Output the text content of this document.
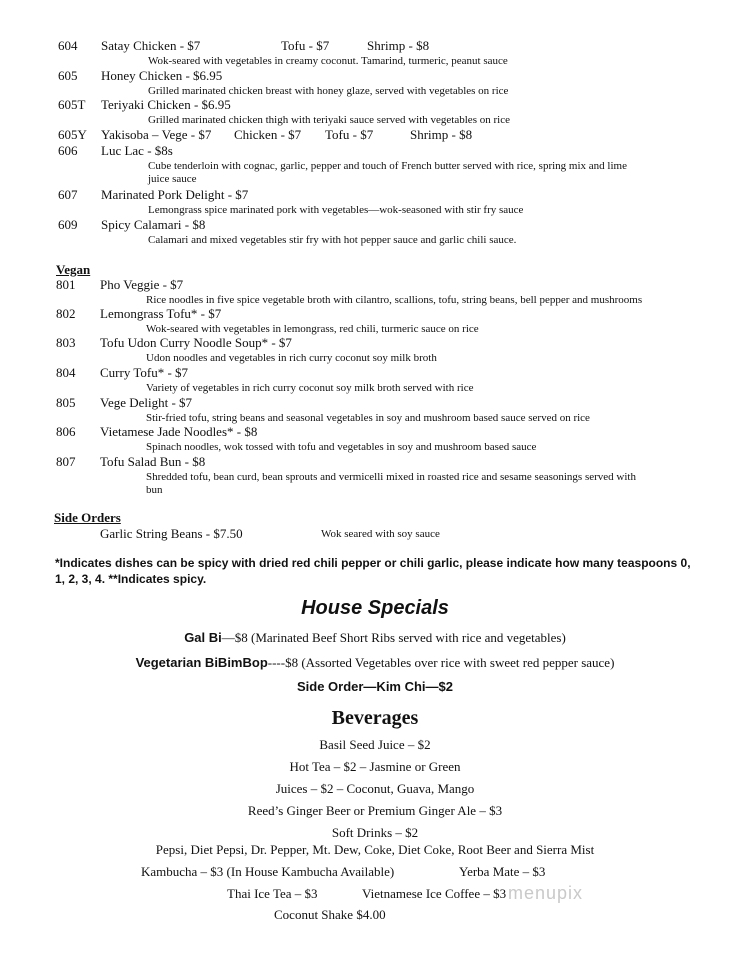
604 Satay Chicken - $7	Tofu - $7	Shrimp - $8
Wok-seared with vegetables in creamy coconut. Tamarind, turmeric, peanut sauce
605 Honey Chicken - $6.95
Grilled marinated chicken breast with honey glaze, served with vegetables on rice
605T Teriyaki Chicken - $6.95
Grilled marinated chicken thigh with teriyaki sauce served with vegetables on rice
605Y Yakisoba – Vege - $7 Chicken - $7 Tofu - $7	Shrimp - $8
606 Luc Lac - $8s
Cube tenderloin with cognac, garlic, pepper and touch of French butter served with rice, spring mix and lime
juice sauce
607 Marinated Pork Delight - $7
Lemongrass spice marinated pork with vegetables—wok-seasoned with stir fry sauce
609 Spicy Calamari - $8
Calamari and mixed vegetables stir fry with hot pepper sauce and garlic chili sauce.
Vegan
801 Pho Veggie - $7
Rice noodles in five spice vegetable broth with cilantro, scallions, tofu, string beans, bell pepper and mushrooms
802 Lemongrass Tofu* - $7
Wok-seared with vegetables in lemongrass, red chili, turmeric sauce on rice
803 Tofu Udon Curry Noodle Soup* - $7
Udon noodles and vegetables in rich curry coconut soy milk broth
804 Curry Tofu* - $7
Variety of vegetables in rich curry coconut soy milk broth served with rice
805 Vege Delight - $7
Stir-fried tofu, string beans and seasonal vegetables in soy and mushroom based sauce served on rice
806 Vietamese Jade Noodles* - $8
Spinach noodles, wok tossed with tofu and vegetables in soy and mushroom based sauce
807 Tofu Salad Bun - $8
Shredded tofu, bean curd, bean sprouts and vermicelli mixed in roasted rice and sesame seasonings served with
bun
Side Orders
Garlic String Beans - $7.50	Wok seared with soy sauce
*Indicates dishes can be spicy with dried red chili pepper or chili garlic, please indicate how many teaspoons 0,
1, 2, 3, 4. **Indicates spicy.
House Specials
Gal Bi—$8 (Marinated Beef Short Ribs served with rice and vegetables)
Vegetarian BiBimBop----$8 (Assorted Vegetables over rice with sweet red pepper sauce)
Side Order—Kim Chi—$2
Beverages
Basil Seed Juice – $2
Hot Tea – $2 – Jasmine or Green
Juices – $2 – Coconut, Guava, Mango
Reed’s Ginger Beer or Premium Ginger Ale – $3
Soft Drinks – $2
Pepsi, Diet Pepsi, Dr. Pepper, Mt. Dew, Coke, Diet Coke, Root Beer and Sierra Mist
Kambucha – $3 (In House Kambucha Available)	Yerba Mate – $3
Thai Ice Tea – $3	Vietnamese Ice Coffee – $3
Coconut Shake $4.00
menupix
